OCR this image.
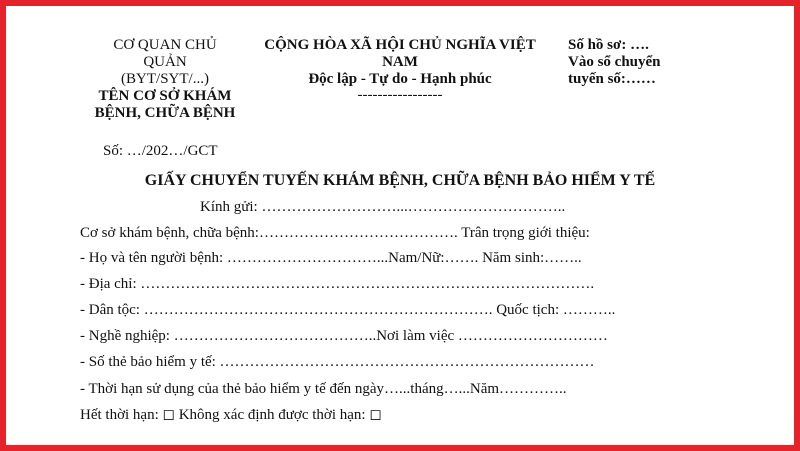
CƠ QUAN CHỦ
QUẢN
(BYT/SYT/...)
TÊN CƠ SỞ KHÁM
BỆNH, CHỮA BỆNH
CỘNG HÒA XÃ HỘI CHỦ NGHĨA VIỆT
NAM
Độc lập - Tự do - Hạnh phúc
-----------------
Số hồ sơ: ….
Vào sổ chuyển
tuyến số:……
Số: …/202…/GCT
GIẤY CHUYỂN TUYẾN KHÁM BỆNH, CHỮA BỆNH BẢO HIỂM Y TẾ
Kính gửi: ………………………...…………………………..
Cơ sở khám bệnh, chữa bệnh:…………………………………. Trân trọng giới thiệu:
- Họ và tên người bệnh: …………………………...Nam/Nữ:……. Năm sinh:……..
- Địa chỉ: ……………………………………………………………………………….
- Dân tộc: ……………………………………………………………. Quốc tịch: ………..
- Nghề nghiệp: …………………………………..Nơi làm việc …………………………
- Số thẻ bảo hiểm y tế: …………………………………………………………………
- Thời hạn sử dụng của thẻ bảo hiểm y tế đến ngày…...tháng…...Năm…………..
Hết thời hạn: ◻ Không xác định được thời hạn: ◻
